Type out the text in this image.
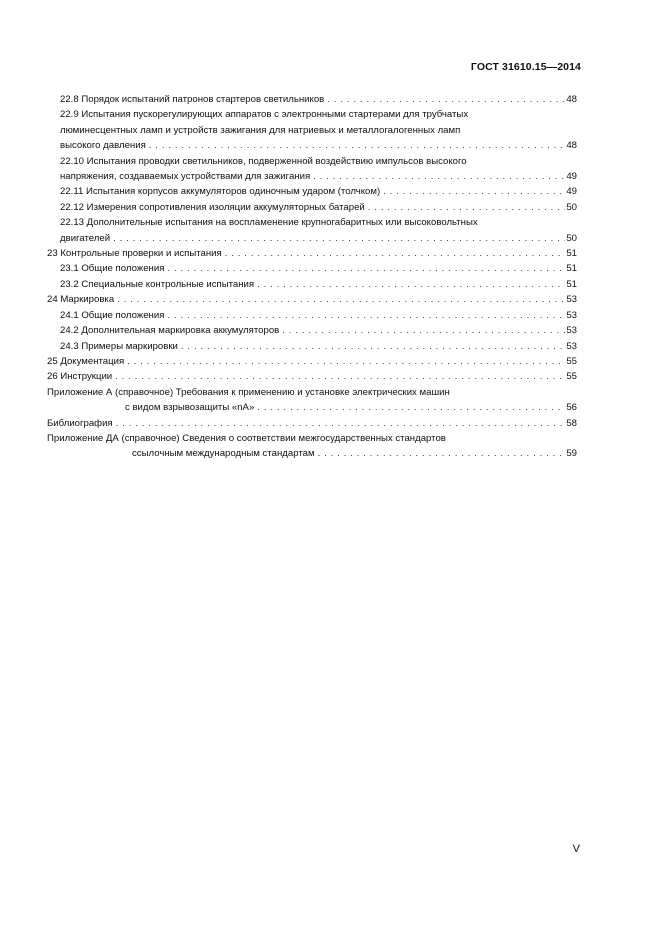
ГОСТ 31610.15—2014
22.8 Порядок испытаний патронов стартеров светильников . . .	48
22.9 Испытания пускорегулирующих аппаратов с электронными стартерами для трубчатых
люминесцентных ламп и устройств зажигания для натриевых и металлогалогенных ламп
высокого давления . . .	48
22.10 Испытания проводки светильников, подверженной воздействию импульсов высокого
напряжения, создаваемых устройствами для зажигания . . .	49
22.11 Испытания корпусов аккумуляторов одиночным ударом (толчком) . . .	49
22.12 Измерения сопротивления изоляции аккумуляторных батарей . . .	50
22.13 Дополнительные испытания на воспламенение крупногабаритных или высоковольтных
двигателей . . .	50
23 Контрольные проверки и испытания . . .	51
23.1 Общие положения . . .	51
23.2 Специальные контрольные испытания . . .	51
24 Маркировка . . .	53
24.1 Общие положения . . .	53
24.2 Дополнительная маркировка аккумуляторов . . .	53
24.3 Примеры маркировки . . .	53
25 Документация . . .	55
26 Инструкции . . .	55
Приложение А (справочное) Требования к применению и установке электрических машин
с видом взрывозащиты «nА» . . .	56
Библиография . . .	58
Приложение ДА (справочное) Сведения о соответствии межгосударственных стандартов
ссылочным международным стандартам . . .	59
V
